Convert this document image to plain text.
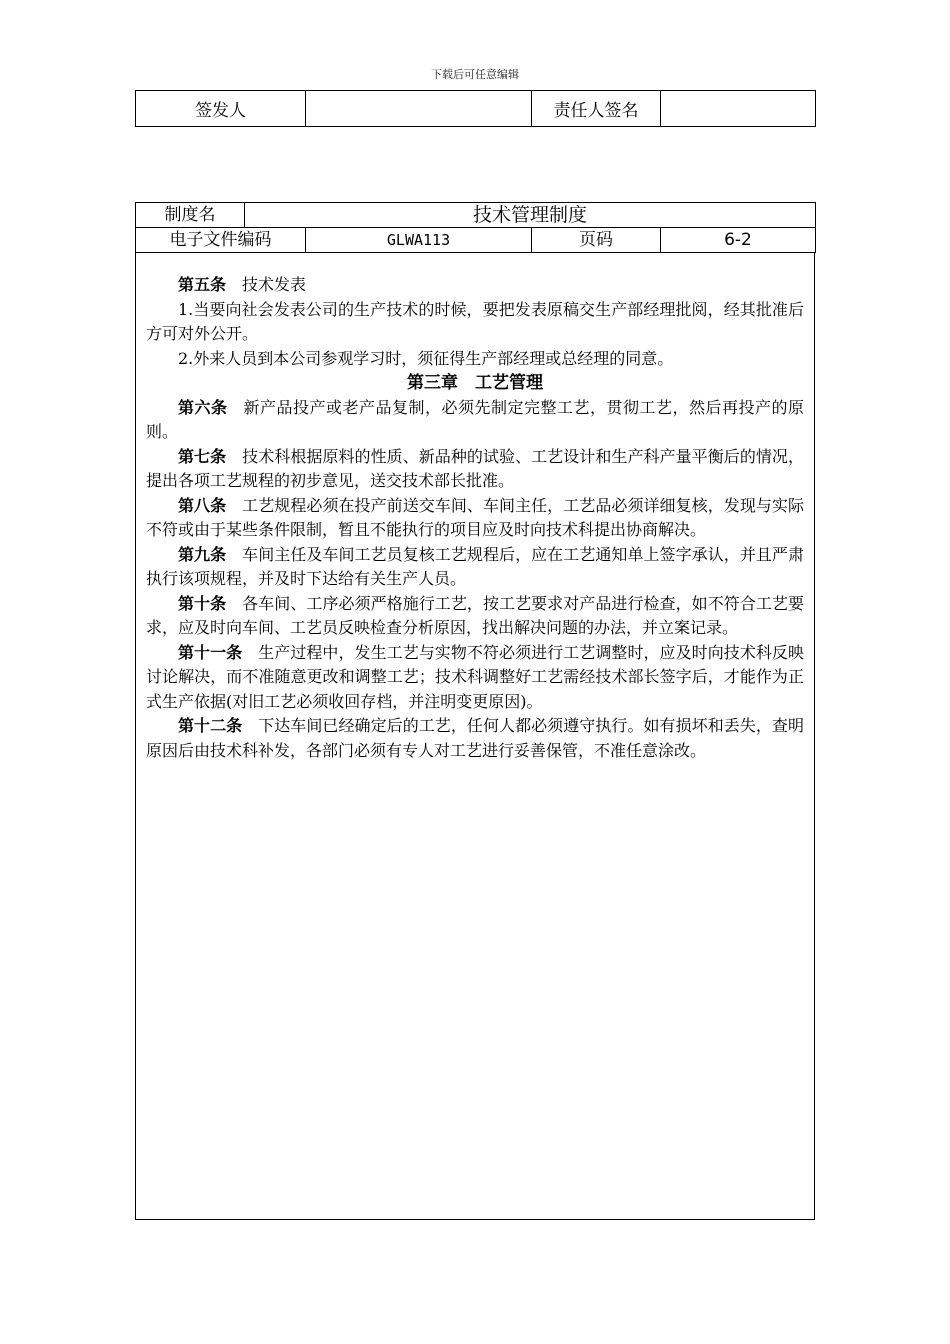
下载后可任意编辑
签发人		责任人签名	
制度名	技术管理制度			
电子文件编码		GLWA113	页码	6-2

第五条 技术发表

1.当要向社会发表公司的生产技术的时候，要把发表原稿交生产部经理批阅，经其批准后方可对外公开。

2.外来人员到本公司参观学习时，须征得生产部经理或总经理的同意。

第三章 工艺管理

第六条 新产品投产或老产品复制，必须先制定完整工艺，贯彻工艺，然后再投产的原则。

第七条 技术科根据原料的性质、新品种的试验、工艺设计和生产科产量平衡后的情况，提出各项工艺规程的初步意见，送交技术部长批准。

第八条 工艺规程必须在投产前送交车间、车间主任，工艺品必须详细复核，发现与实际不符或由于某些条件限制，暂且不能执行的项目应及时向技术科提出协商解决。

第九条 车间主任及车间工艺员复核工艺规程后，应在工艺通知单上签字承认，并且严肃执行该项规程，并及时下达给有关生产人员。

第十条 各车间、工序必须严格施行工艺，按工艺要求对产品进行检查，如不符合工艺要求，应及时向车间、工艺员反映检查分析原因，找出解决问题的办法，并立案记录。

第十一条 生产过程中，发生工艺与实物不符必须进行工艺调整时，应及时向技术科反映讨论解决，而不准随意更改和调整工艺；技术科调整好工艺需经技术部长签字后，才能作为正式生产依据(对旧工艺必须收回存档，并注明变更原因)。

第十二条 下达车间已经确定后的工艺，任何人都必须遵守执行。如有损坏和丢失，查明原因后由技术科补发，各部门必须有专人对工艺进行妥善保管，不准任意涂改。
